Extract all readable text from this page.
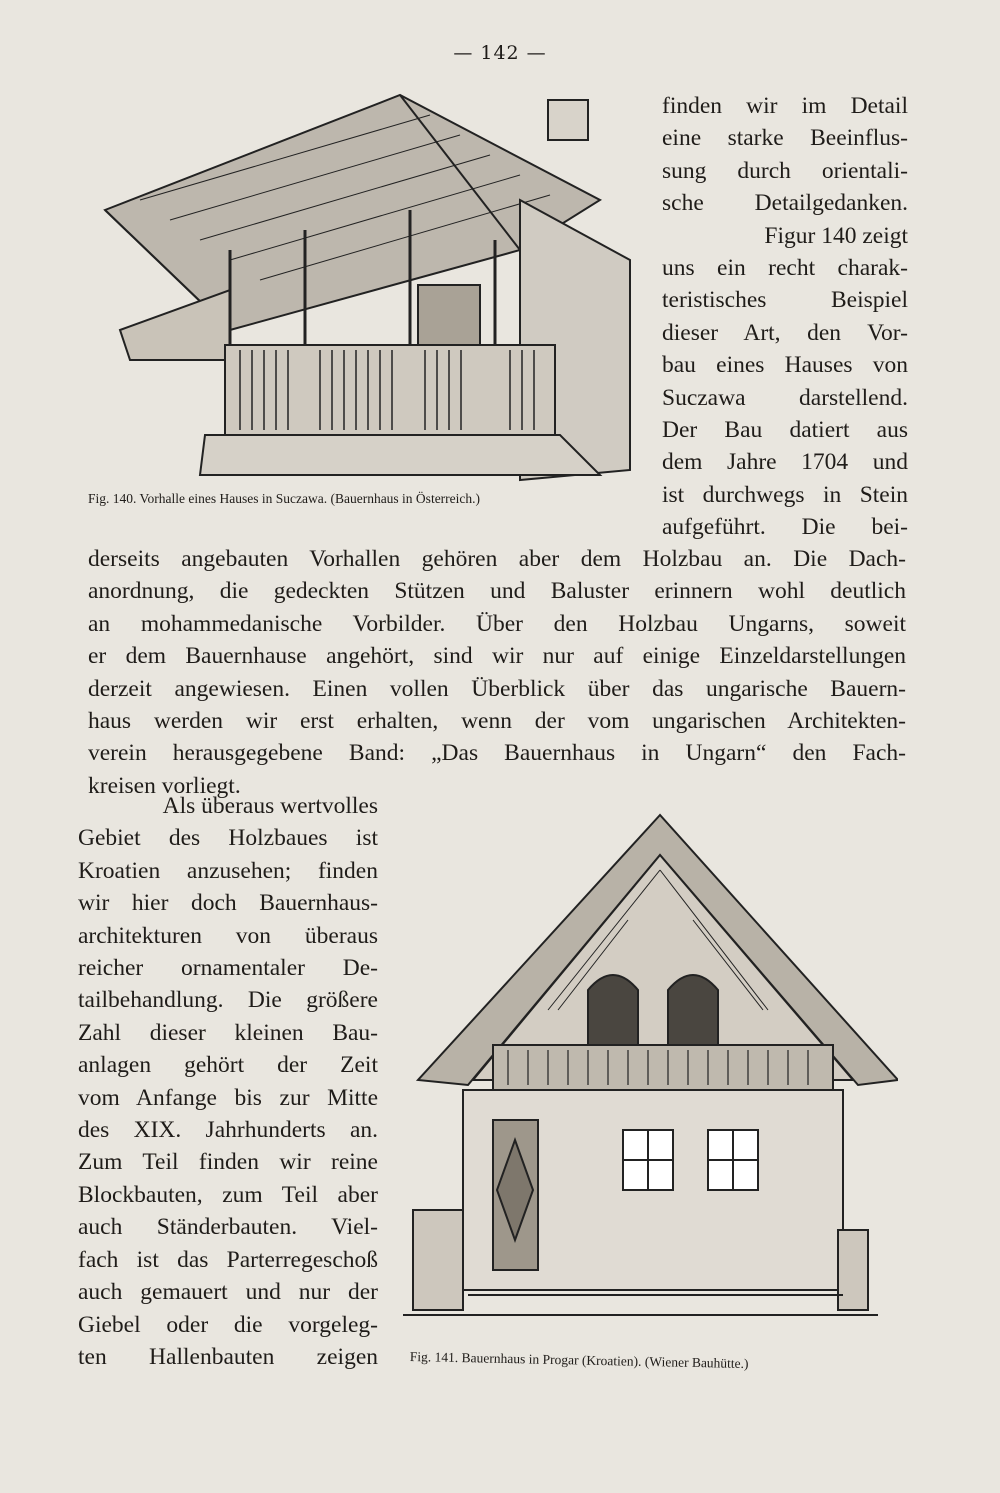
— 142 —
Fig. 140. Vorhalle eines Hauses in Suczawa. (Bauernhaus in Österreich.)
finden wir im Detail
eine starke Beeinflus-
sung durch orientali-
sche Detailgedanken.
Figur 140 zeigt
uns ein recht charak-
teristisches Beispiel
dieser Art, den Vor-
bau eines Hauses von
Suczawa darstellend.
Der Bau datiert aus
dem Jahre 1704 und
ist durchwegs in Stein
aufgeführt. Die bei-
derseits angebauten Vorhallen gehören aber dem Holzbau an. Die Dach-
anordnung, die gedeckten Stützen und Baluster erinnern wohl deutlich
an mohammedanische Vorbilder. Über den Holzbau Ungarns, soweit
er dem Bauernhause angehört, sind wir nur auf einige Einzeldarstellungen
derzeit angewiesen. Einen vollen Überblick über das ungarische Bauern-
haus werden wir erst erhalten, wenn der vom ungarischen Architekten-
verein herausgegebene Band: „Das Bauernhaus in Ungarn“ den Fach-
kreisen vorliegt.
Als überaus wertvolles
Gebiet des Holzbaues ist
Kroatien anzusehen; finden
wir hier doch Bauernhaus-
architekturen von überaus
reicher ornamentaler De-
tailbehandlung. Die größere
Zahl dieser kleinen Bau-
anlagen gehört der Zeit
vom Anfange bis zur Mitte
des XIX. Jahrhunderts an.
Zum Teil finden wir reine
Blockbauten, zum Teil aber
auch Ständerbauten. Viel-
fach ist das Parterregeschoß
auch gemauert und nur der
Giebel oder die vorgeleg-
ten Hallenbauten zeigen Fig. 141. Bauernhaus in Progar (Kroatien). (Wiener Bauhütte.)
